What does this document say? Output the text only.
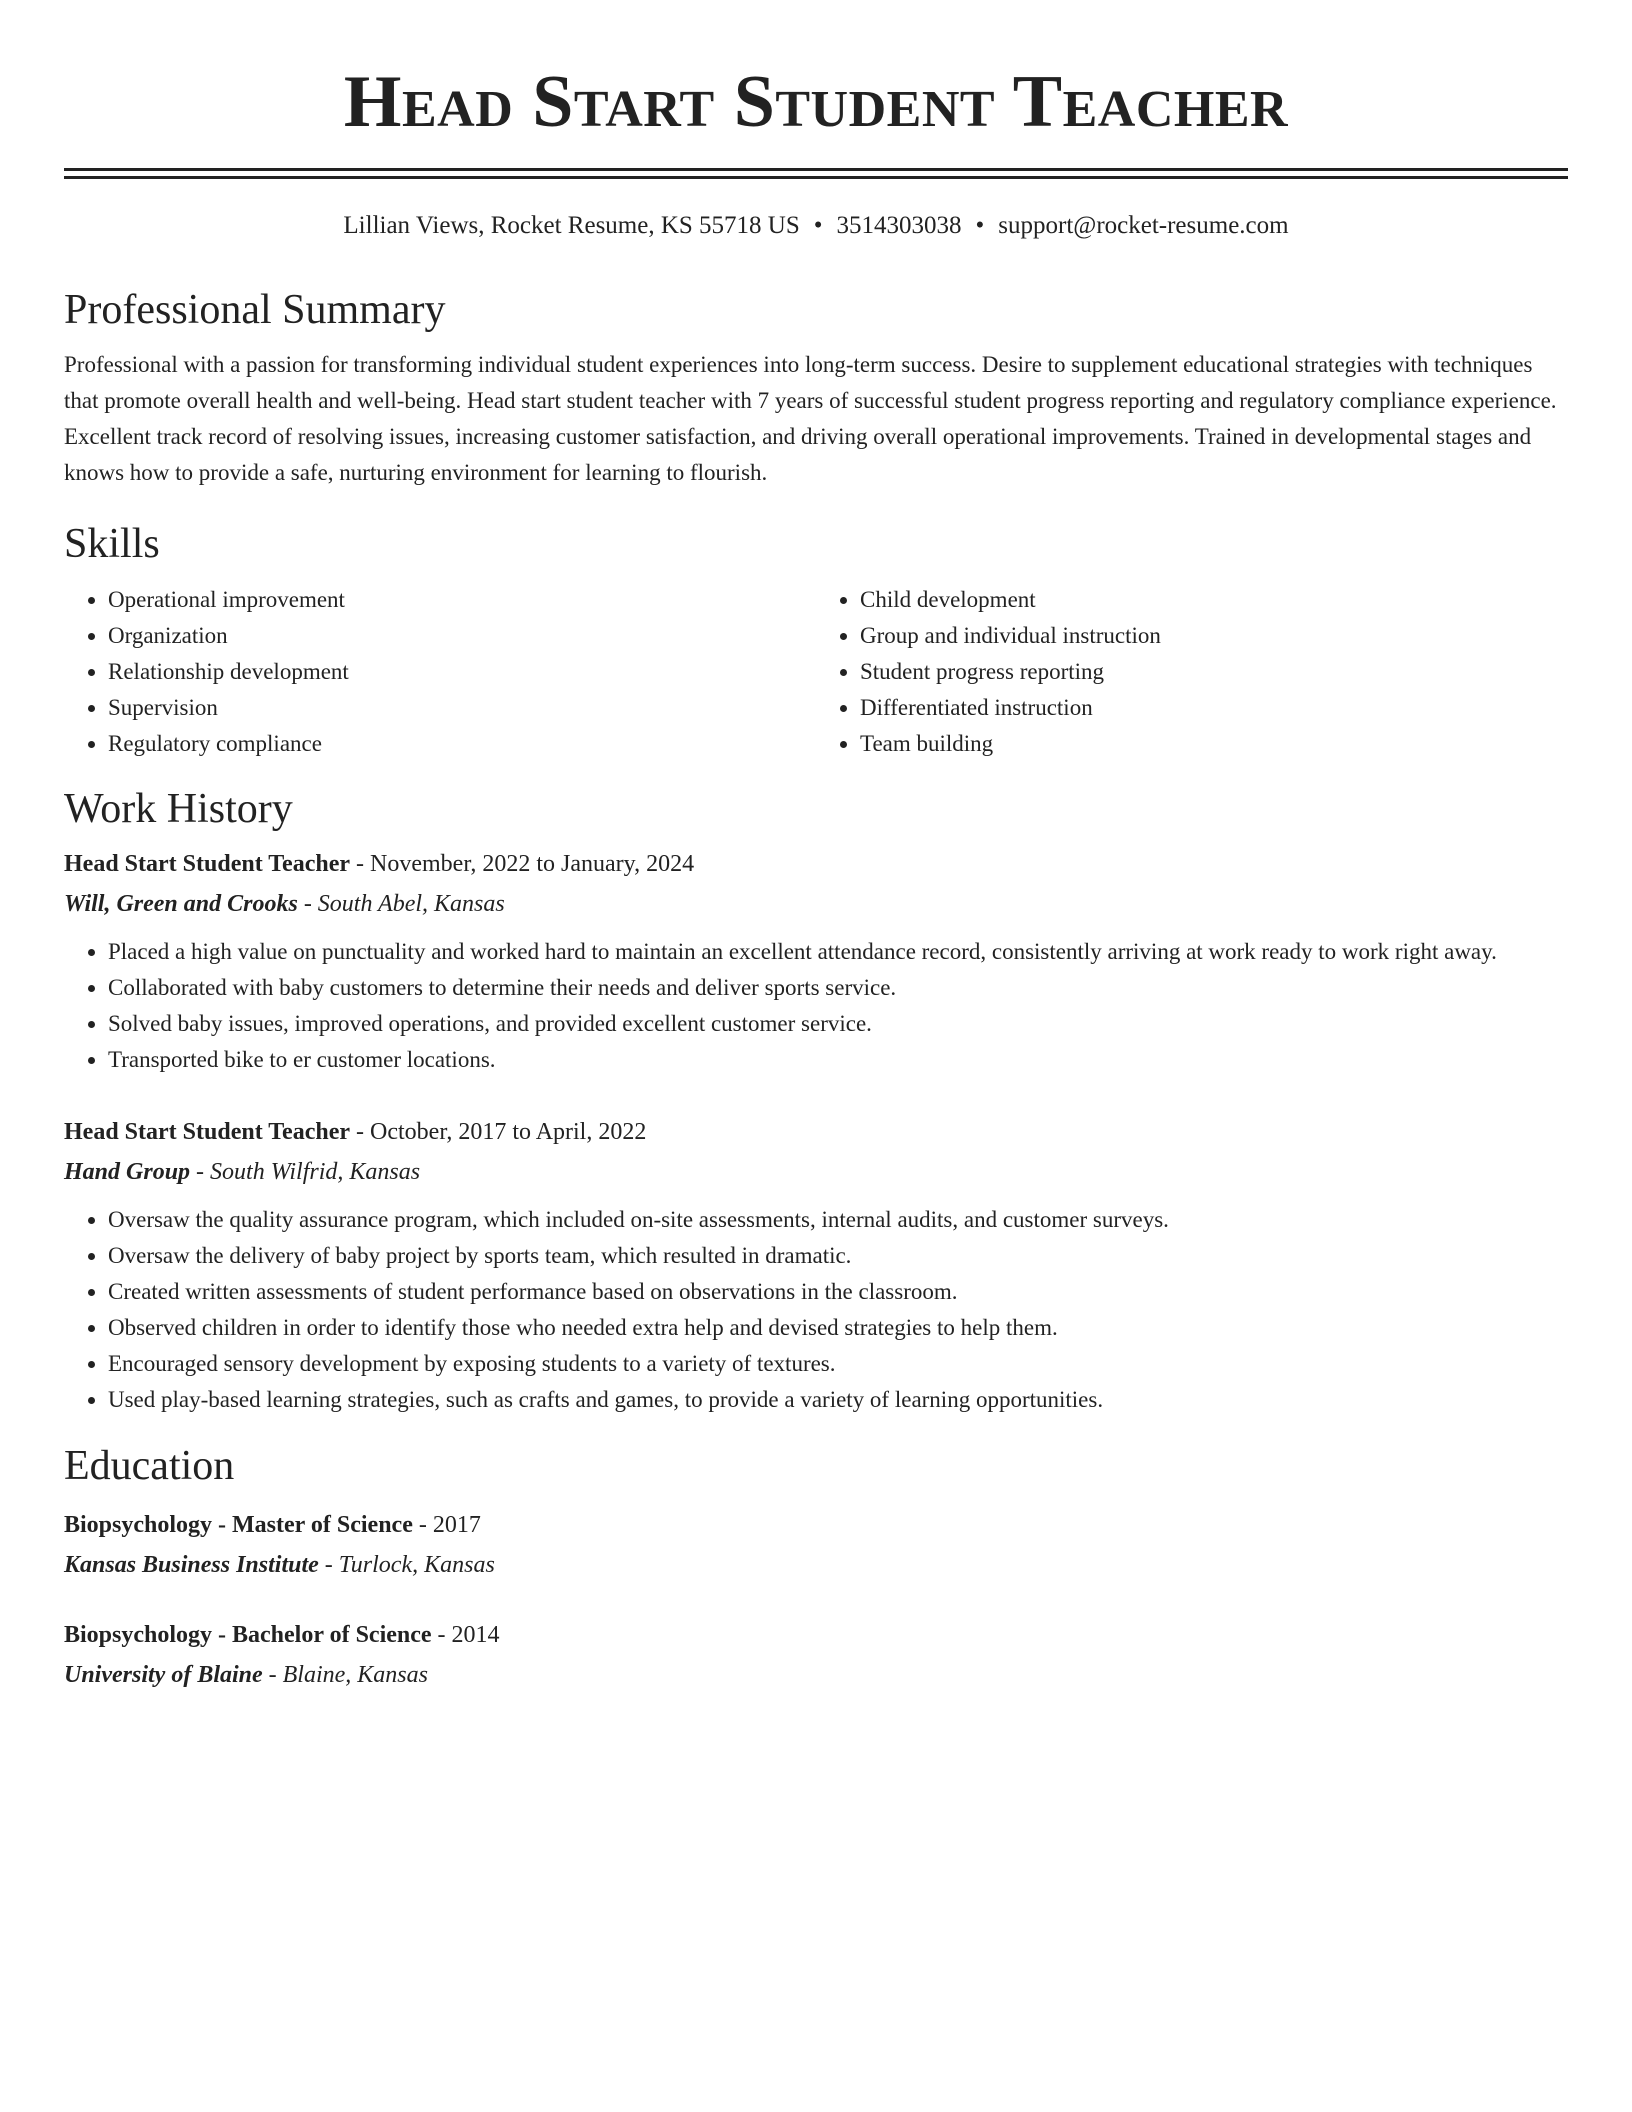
Head Start Student Teacher
Lillian Views, Rocket Resume, KS 55718 US • 3514303038 • support@rocket-resume.com
Professional Summary

Professional with a passion for transforming individual student experiences into long-term success. Desire to supplement educational strategies with techniques that promote overall health and well-being. Head start student teacher with 7 years of successful student progress reporting and regulatory compliance experience. Excellent track record of resolving issues, increasing customer satisfaction, and driving overall operational improvements. Trained in developmental stages and knows how to provide a safe, nurturing environment for learning to flourish.

Skills
• Operational improvement
• Organization
• Relationship development
• Supervision
• Regulatory compliance
• Child development
• Group and individual instruction
• Student progress reporting
• Differentiated instruction
• Team building
Work History
Head Start Student Teacher - November, 2022 to January, 2024
Will, Green and Crooks - South Abel, Kansas
• Placed a high value on punctuality and worked hard to maintain an excellent attendance record, consistently arriving at work ready to work right away.
• Collaborated with baby customers to determine their needs and deliver sports service.
• Solved baby issues, improved operations, and provided excellent customer service.
• Transported bike to er customer locations.
Head Start Student Teacher - October, 2017 to April, 2022
Hand Group - South Wilfrid, Kansas
• Oversaw the quality assurance program, which included on-site assessments, internal audits, and customer surveys.
• Oversaw the delivery of baby project by sports team, which resulted in dramatic.
• Created written assessments of student performance based on observations in the classroom.
• Observed children in order to identify those who needed extra help and devised strategies to help them.
• Encouraged sensory development by exposing students to a variety of textures.
• Used play-based learning strategies, such as crafts and games, to provide a variety of learning opportunities.
Education
Biopsychology - Master of Science - 2017
Kansas Business Institute - Turlock, Kansas
Biopsychology - Bachelor of Science - 2014
University of Blaine - Blaine, Kansas
